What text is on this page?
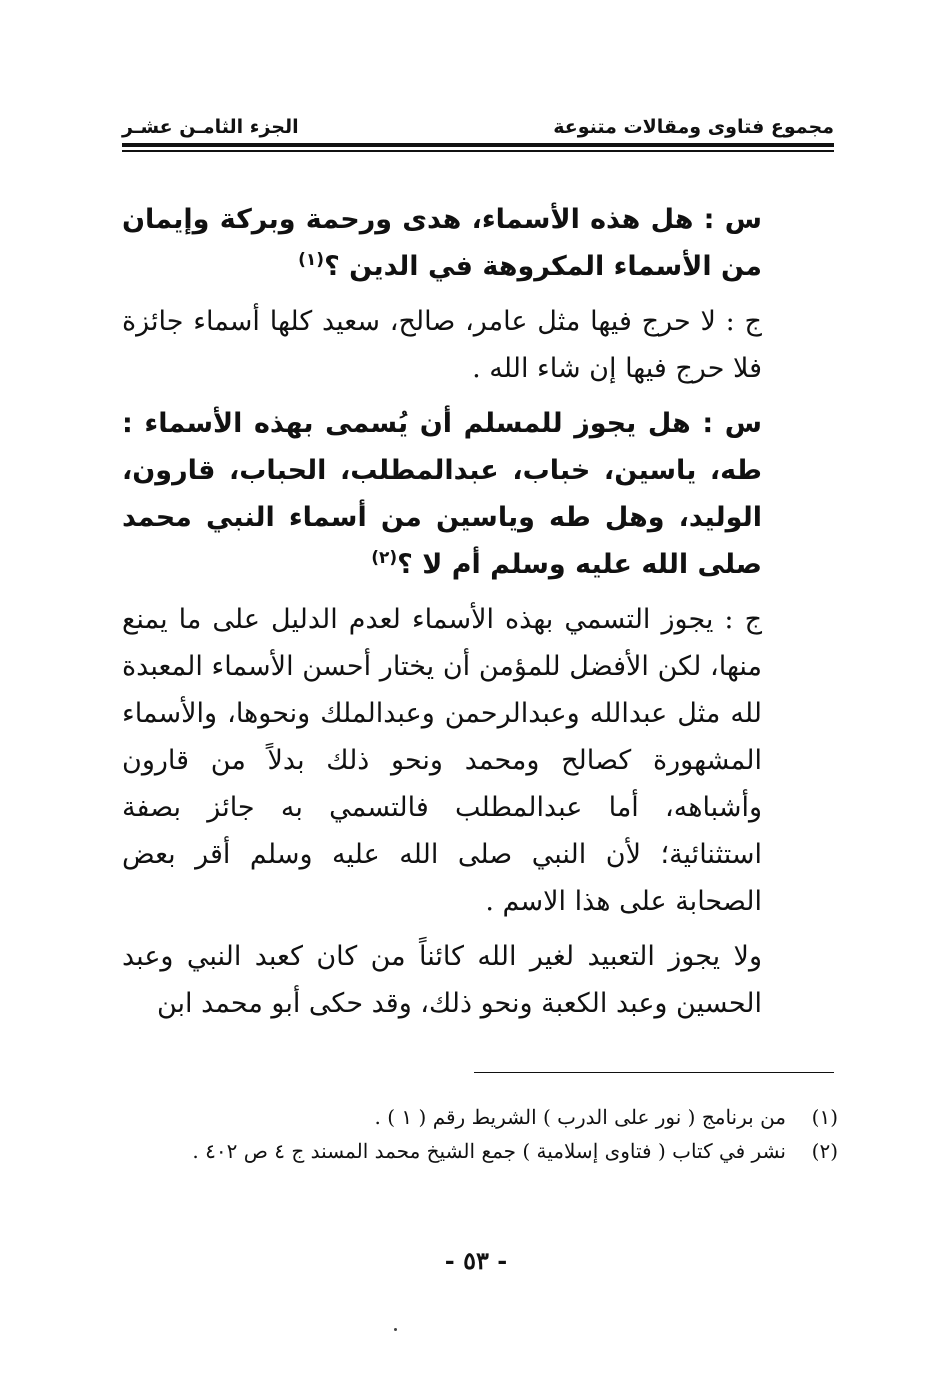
مجموع فتاوى ومقالات متنوعة
الجزء الثامـن عشـر

س : هل هذه الأسماء، هدى ورحمة وبركة وإيمان من الأسماء المكروهة في الدين ؟$^{(١)}$

ج : لا حرج فيها مثل عامر، صالح، سعيد كلها أسماء جائزة فلا حرج فيها إن شاء الله .

س : هل يجوز للمسلم أن يُسمى بهذه الأسماء : طه، ياسين، خباب، عبدالمطلب، الحباب، قارون، الوليد، وهل طه وياسين من أسماء النبي محمد صلى الله عليه وسلم أم لا ؟$^{(٢)}$

ج : يجوز التسمي بهذه الأسماء لعدم الدليل على ما يمنع منها، لكن الأفضل للمؤمن أن يختار أحسن الأسماء المعبدة لله مثل عبدالله وعبدالرحمن وعبدالملك ونحوها، والأسماء المشهورة كصالح ومحمد ونحو ذلك بدلاً من قارون وأشباهه، أما عبدالمطلب فالتسمي به جائز بصفة استثنائية؛ لأن النبي صلى الله عليه وسلم أقر بعض الصحابة على هذا الاسم .

ولا يجوز التعبيد لغير الله كائناً من كان كعبد النبي وعبد الحسين وعبد الكعبة ونحو ذلك، وقد حكى أبو محمد ابن

(١)
من برنامج ( نور على الدرب ) الشريط رقم ( ١ ) .
(٢)
نشر في كتاب ( فتاوى إسلامية ) جمع الشيخ محمد المسند ج ٤ ص ٤٠٢ .
- ٥٣ -
